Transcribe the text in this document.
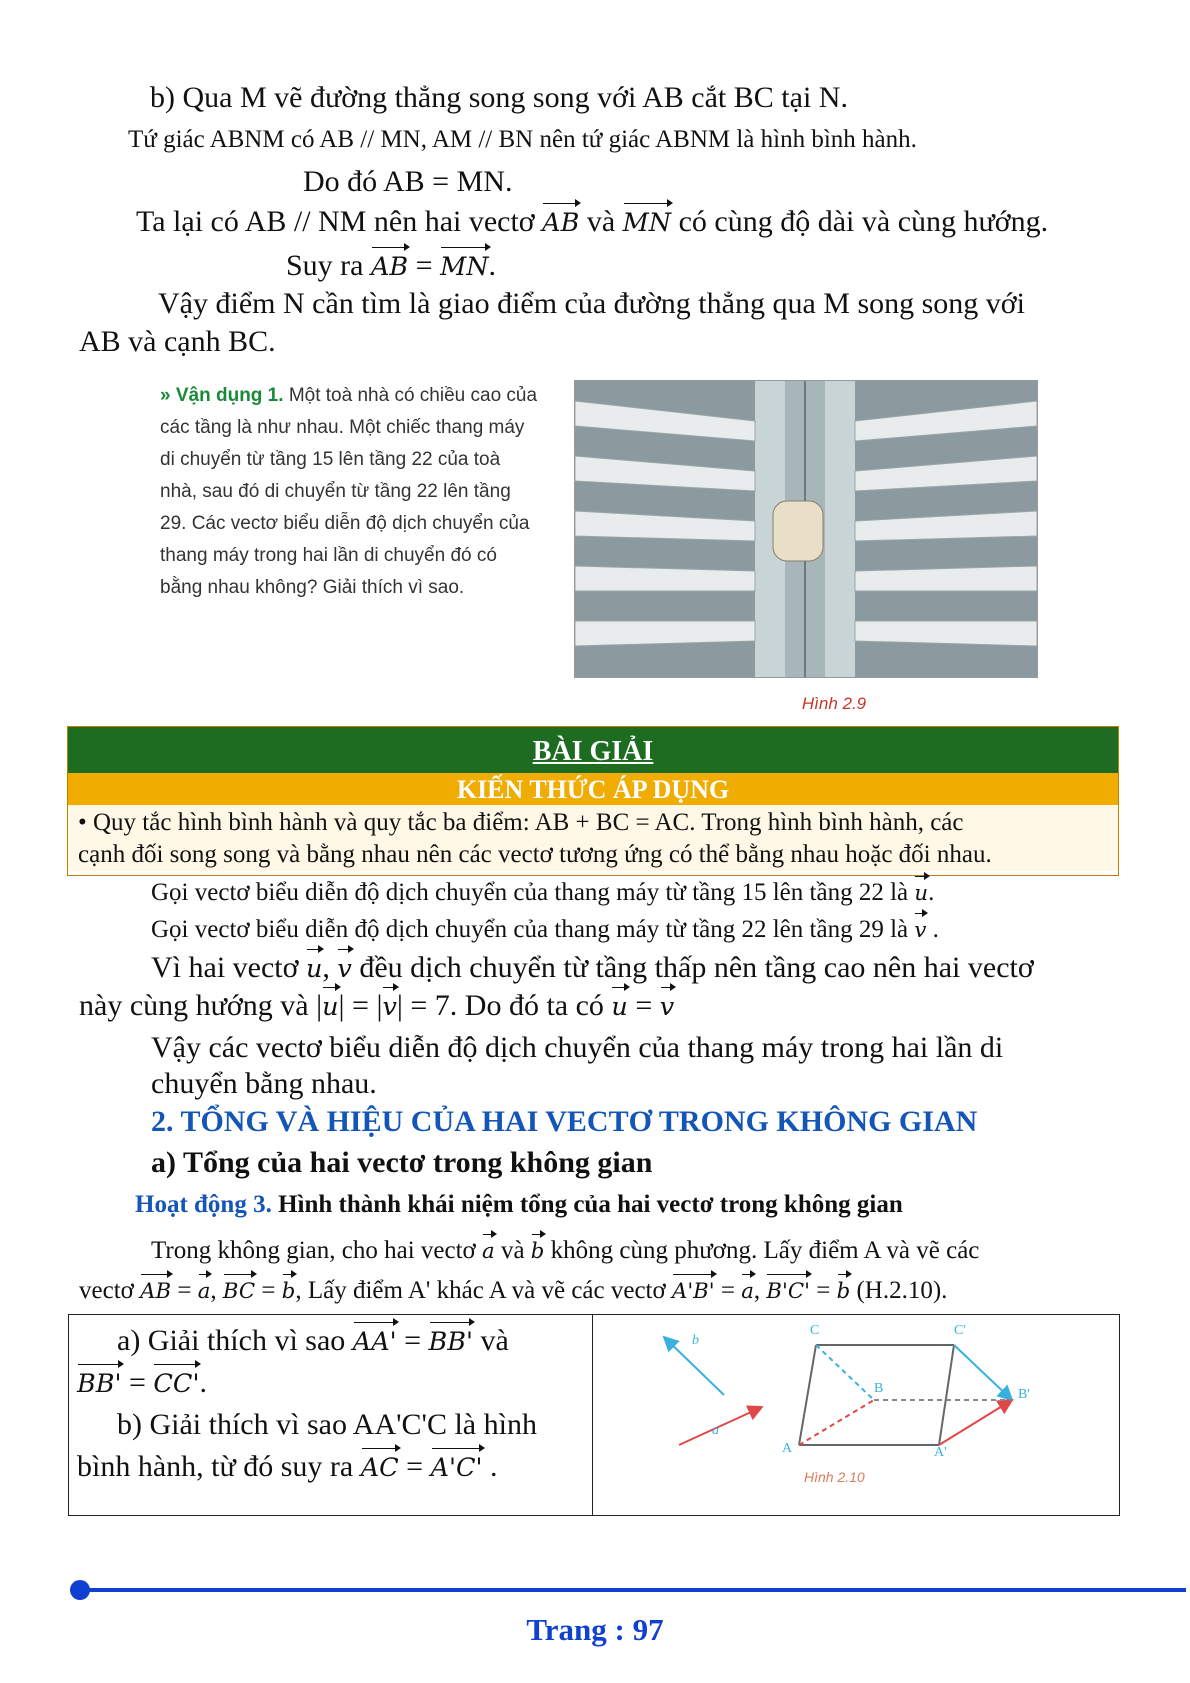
b) Qua M vẽ đường thẳng song song với AB cắt BC tại N.
Tứ giác ABNM có AB // MN, AM // BN nên tứ giác ABNM là hình bình hành.
Do đó AB = MN.
Ta lại có AB // NM nên hai vectơ AB và MN có cùng độ dài và cùng hướng.
Suy ra AB = MN.
Vậy điểm N cần tìm là giao điểm của đường thẳng qua M song song với
AB và cạnh BC.
» Vận dụng 1. Một toà nhà có chiều cao của các tầng là như nhau. Một chiếc thang máy di chuyển từ tầng 15 lên tầng 22 của toà nhà, sau đó di chuyển từ tầng 22 lên tầng 29. Các vectơ biểu diễn độ dịch chuyển của thang máy trong hai lần di chuyển đó có bằng nhau không? Giải thích vì sao.
Hình 2.9
BÀI GIẢI
KIẾN THỨC ÁP DỤNG
• Quy tắc hình bình hành và quy tắc ba điểm: AB + BC = AC. Trong hình bình hành, các
cạnh đối song song và bằng nhau nên các vectơ tương ứng có thể bằng nhau hoặc đối nhau.
Gọi vectơ biểu diễn độ dịch chuyển của thang máy từ tầng 15 lên tầng 22 là u.
Gọi vectơ biểu diễn độ dịch chuyển của thang máy từ tầng 22 lên tầng 29 là v .
Vì hai vectơ u, v đều dịch chuyển từ tầng thấp nên tầng cao nên hai vectơ
này cùng hướng và |u| = |v| = 7. Do đó ta có u = v
Vậy các vectơ biểu diễn độ dịch chuyển của thang máy trong hai lần di
chuyển bằng nhau.
2. TỔNG VÀ HIỆU CỦA HAI VECTƠ TRONG KHÔNG GIAN
a) Tổng của hai vectơ trong không gian
Hoạt động 3. Hình thành khái niệm tổng của hai vectơ trong không gian
Trong không gian, cho hai vectơ a và b không cùng phương. Lấy điểm A và vẽ các
vectơ AB = a, BC = b, Lấy điểm A' khác A và vẽ các vectơ A'B' = a, B'C' = b (H.2.10).
a) Giải thích vì sao AA' = BB' và
BB' = CC'.
b) Giải thích vì sao AA'C'C là hình
bình hành, từ đó suy ra AC = A'C' .
b
a
A
B
C
A'
B'
C'
Hình 2.10
Trang : 97
